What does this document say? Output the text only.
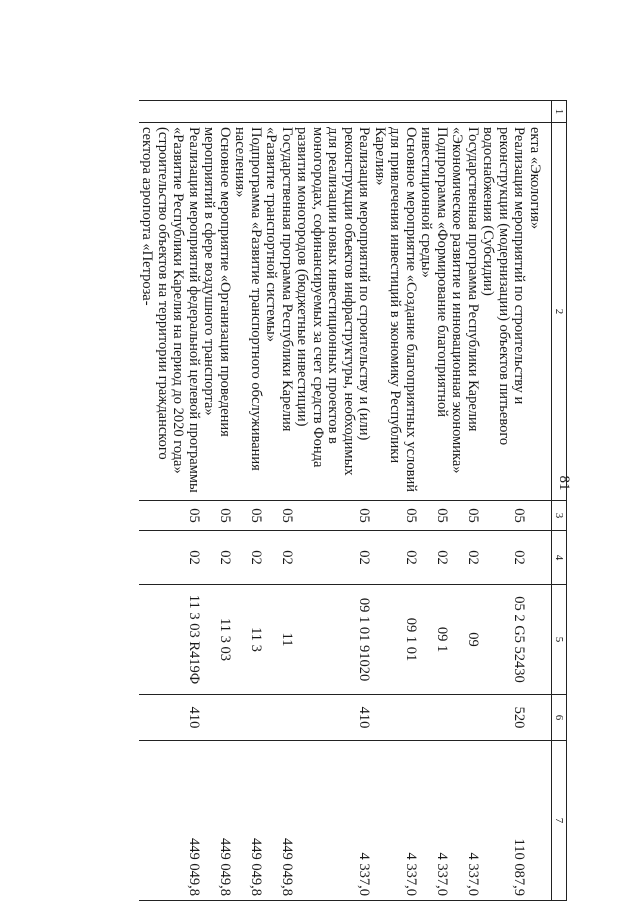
81
1	2	3	4	5	6	7
	екта «Экология»					
	Реализация мероприятий по строительству и реконструкции (модернизации) объектов питьевого водоснабжения (Субсидии)	05	02	05 2 G5 52430	520	110 087,9
	Государственная программа Республики Карелия «Экономическое развитие и инновационная экономика»	05	02	09		4 337,0
	Подпрограмма «Формирование благоприятной инвестиционной среды»	05	02	09 1		4 337,0
	Основное мероприятие «Создание благоприятных условий для привлечения инвестиций в экономику Республики Карелия»	05	02	09 1 01		4 337,0
	Реализация мероприятий по строительству и (или) реконструкции объектов инфраструктуры, необходимых для реализации новых инвестиционных проектов в моногородах, софинансируемых за счет средств Фонда развития моногородов (бюджетные инвестиции)	05	02	09 1 01 91020	410	4 337,0
	Государственная программа Республики Карелия «Развитие транспортной системы»	05	02	11		449 049,8
	Подпрограмма «Развитие транспортного обслуживания населения»	05	02	11 3		449 049,8
	Основное мероприятие «Организация проведения мероприятий в сфере воздушного транспорта»	05	02	11 3 03		449 049,8
	Реализация мероприятий федеральной целевой программы «Развитие Республики Карелия на период до 2020 года» (строительство объектов на территории гражданского сектора аэропорта «Петроза-	05	02	11 3 03 R419Ф	410	449 049,8
